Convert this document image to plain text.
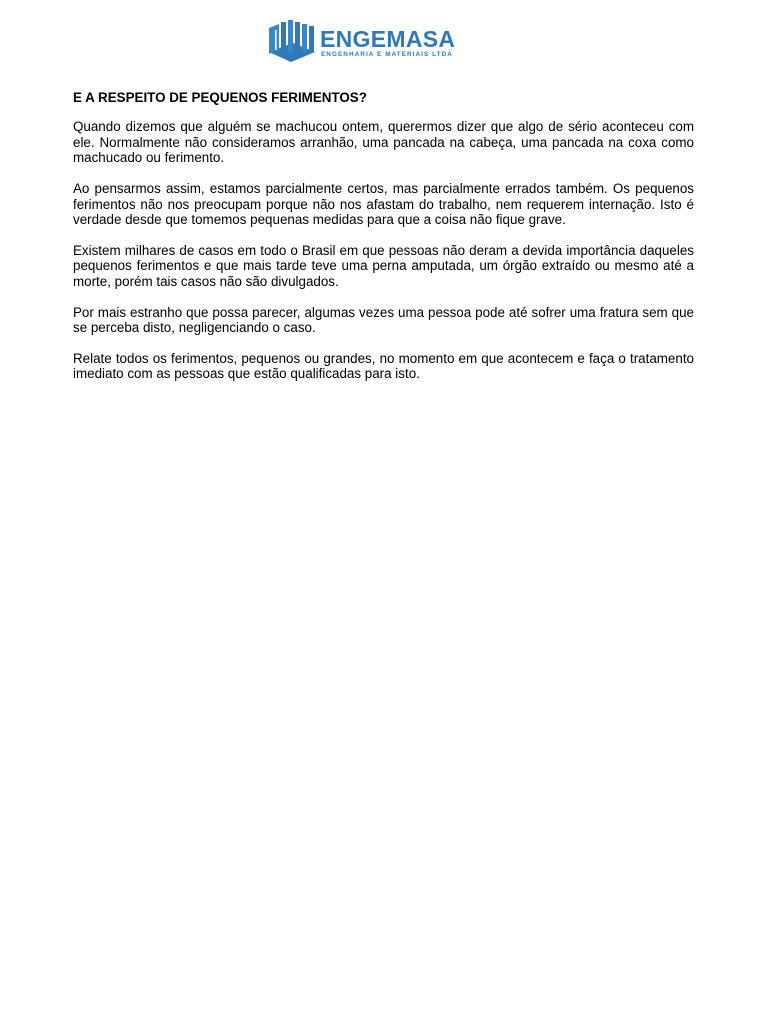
ENGEMASA
ENGENHARIA E MATERIAIS LTDA
E A RESPEITO DE PEQUENOS FERIMENTOS?

Quando dizemos que alguém se machucou ontem, querermos dizer que algo de sério aconteceu com ele. Normalmente não consideramos arranhão, uma pancada na cabeça, uma pancada na coxa como machucado ou ferimento.

Ao pensarmos assim, estamos parcialmente certos, mas parcialmente errados também. Os pequenos ferimentos não nos preocupam porque não nos afastam do trabalho, nem requerem internação. Isto é verdade desde que tomemos pequenas medidas para que a coisa não fique grave.

Existem milhares de casos em todo o Brasil em que pessoas não deram a devida importância daqueles pequenos ferimentos e que mais tarde teve uma perna amputada, um órgão extraído ou mesmo até a morte, porém tais casos não são divulgados.

Por mais estranho que possa parecer, algumas vezes uma pessoa pode até sofrer uma fratura sem que se perceba disto, negligenciando o caso.

Relate todos os ferimentos, pequenos ou grandes, no momento em que acontecem e faça o tratamento imediato com as pessoas que estão qualificadas para isto.
